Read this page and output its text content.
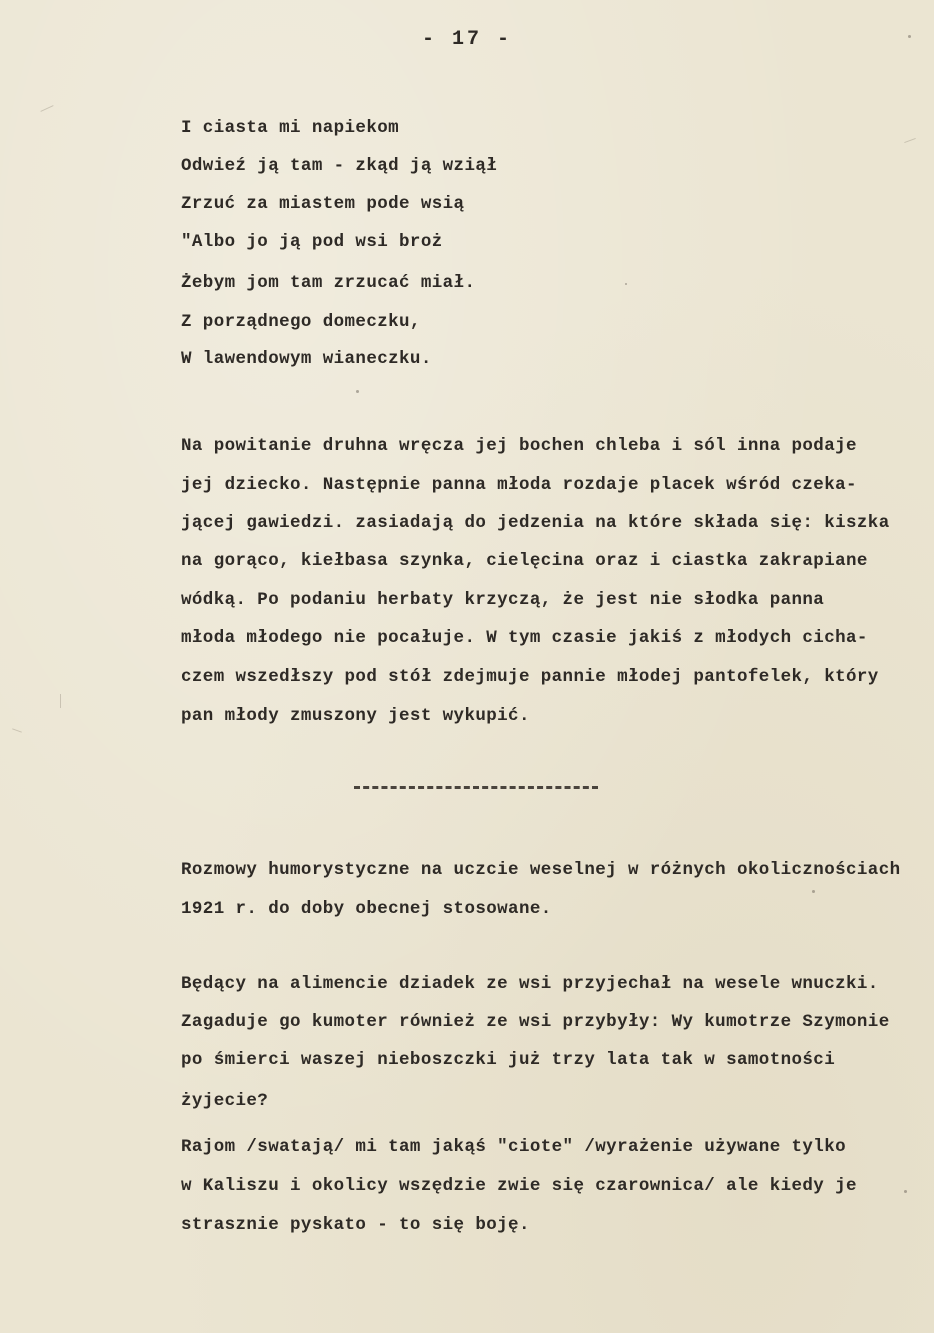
- 17 -
I ciasta mi napiekom
Odwieź ją tam - zkąd ją wziął
Zrzuć za miastem pode wsią
"Albo jo ją pod wsi broż
Żebym jom tam zrzucać miał.
Z porządnego domeczku,
W lawendowym wianeczku.
Na powitanie druhna wręcza jej bochen chleba i sól inna podaje
jej dziecko. Następnie panna młoda rozdaje placek wśród czeka-
jącej gawiedzi. zasiadają do jedzenia na które składa się: kiszka
na gorąco, kiełbasa szynka, cielęcina oraz i ciastka zakrapiane
wódką. Po podaniu herbaty krzyczą, że jest nie słodka panna
młoda młodego nie pocałuje. W tym czasie jakiś z młodych cicha-
czem wszedłszy pod stół zdejmuje pannie młodej pantofelek, który
pan młody zmuszony jest wykupić.
Rozmowy humorystyczne na uczcie weselnej w różnych okolicznościach
1921 r. do doby obecnej stosowane.
Będący na alimencie dziadek ze wsi przyjechał na wesele wnuczki.
Zagaduje go kumoter również ze wsi przybyły: Wy kumotrze Szymonie
po śmierci waszej nieboszczki już trzy lata tak w samotności
żyjecie?
Rajom /swatają/ mi tam jakąś "ciote" /wyrażenie używane tylko
w Kaliszu i okolicy wszędzie zwie się czarownica/ ale kiedy je
strasznie pyskato - to się boję.
